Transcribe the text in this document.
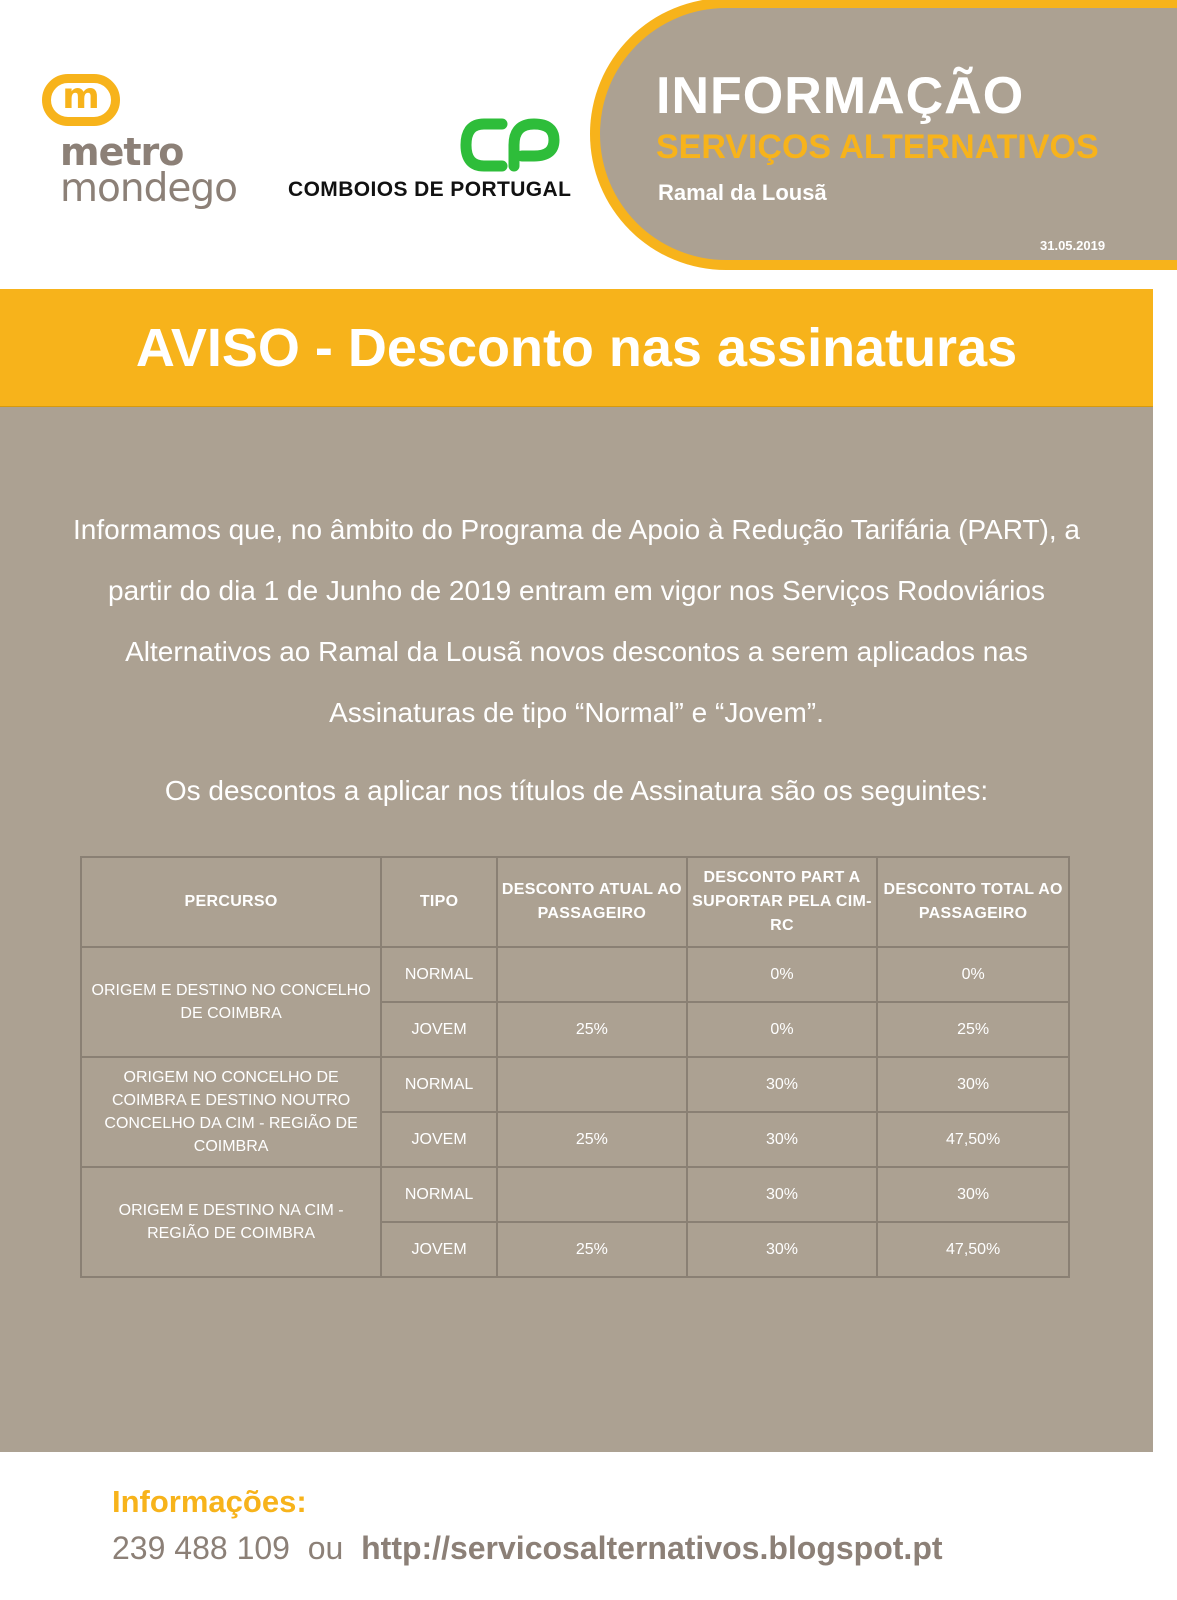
m
metro
mondego COMBOIOS DE PORTUGAL
INFORMAÇÃO
SERVIÇOS ALTERNATIVOS
Ramal da Lousã
31.05.2019
AVISO - Desconto nas assinaturas
Informamos que, no âmbito do Programa de Apoio à Redução Tarifária (PART), a partir do dia 1 de Junho de 2019 entram em vigor nos Serviços Rodoviários Alternativos ao Ramal da Lousã novos descontos a serem aplicados nas Assinaturas de tipo “Normal” e “Jovem”.
Os descontos a aplicar nos títulos de Assinatura são os seguintes:
PERCURSO	TIPO	DESCONTO ATUAL AO PASSAGEIRO	DESCONTO PART A SUPORTAR PELA CIM-RC	DESCONTO TOTAL AO PASSAGEIRO
ORIGEM E DESTINO NO CONCELHO DE COIMBRA	NORMAL		0%	0%
	JOVEM	25%	0%	25%
ORIGEM NO CONCELHO DE COIMBRA E DESTINO NOUTRO CONCELHO DA CIM - REGIÃO DE COIMBRA	NORMAL		30%	30%
	JOVEM	25%	30%	47,50%
ORIGEM E DESTINO NA CIM - REGIÃO DE COIMBRA	NORMAL		30%	30%
	JOVEM	25%	30%	47,50%
Informações:
239 488 109 ou http://servicosalternativos.blogspot.pt
